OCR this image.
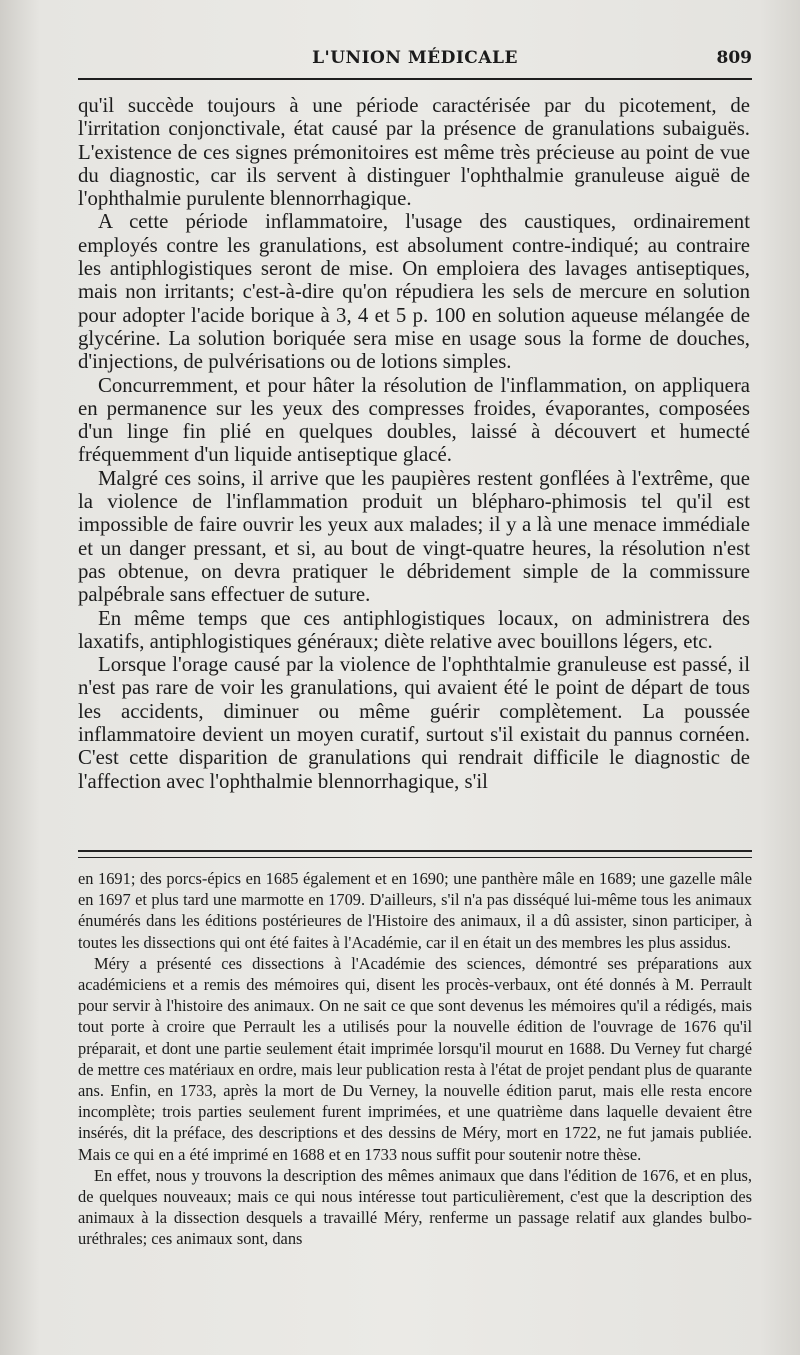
L'UNION MÉDICALE	809

qu'il succède toujours à une période caractérisée par du picotement, de l'irritation conjonctivale, état causé par la présence de granulations subaiguës. L'existence de ces signes prémonitoires est même très précieuse au point de vue du diagnostic, car ils servent à distinguer l'ophthalmie granuleuse aiguë de l'ophthalmie purulente blennorrhagique.

A cette période inflammatoire, l'usage des caustiques, ordinairement employés contre les granulations, est absolument contre-indiqué; au contraire les antiphlogistiques seront de mise. On emploiera des lavages antiseptiques, mais non irritants; c'est-à-dire qu'on répudiera les sels de mercure en solution pour adopter l'acide borique à 3, 4 et 5 p. 100 en solution aqueuse mélangée de glycérine. La solution boriquée sera mise en usage sous la forme de douches, d'injections, de pulvérisations ou de lotions simples.

Concurremment, et pour hâter la résolution de l'inflammation, on appliquera en permanence sur les yeux des compresses froides, évaporantes, composées d'un linge fin plié en quelques doubles, laissé à découvert et humecté fréquemment d'un liquide antiseptique glacé.

Malgré ces soins, il arrive que les paupières restent gonflées à l'extrême, que la violence de l'inflammation produit un blépharo-phimosis tel qu'il est impossible de faire ouvrir les yeux aux malades; il y a là une menace immédiale et un danger pressant, et si, au bout de vingt-quatre heures, la résolution n'est pas obtenue, on devra pratiquer le débridement simple de la commissure palpébrale sans effectuer de suture.

En même temps que ces antiphlogistiques locaux, on administrera des laxatifs, antiphlogistiques généraux; diète relative avec bouillons légers, etc.

Lorsque l'orage causé par la violence de l'ophthtalmie granuleuse est passé, il n'est pas rare de voir les granulations, qui avaient été le point de départ de tous les accidents, diminuer ou même guérir complètement. La poussée inflammatoire devient un moyen curatif, surtout s'il existait du pannus cornéen. C'est cette disparition de granulations qui rendrait difficile le diagnostic de l'affection avec l'ophthalmie blennorrhagique, s'il

en 1691; des porcs-épics en 1685 également et en 1690; une panthère mâle en 1689; une gazelle mâle en 1697 et plus tard une marmotte en 1709. D'ailleurs, s'il n'a pas disséqué lui-même tous les animaux énumérés dans les éditions postérieures de l'Histoire des animaux, il a dû assister, sinon participer, à toutes les dissections qui ont été faites à l'Académie, car il en était un des membres les plus assidus.

Méry a présenté ces dissections à l'Académie des sciences, démontré ses préparations aux académiciens et a remis des mémoires qui, disent les procès-verbaux, ont été donnés à M. Perrault pour servir à l'histoire des animaux. On ne sait ce que sont devenus les mémoires qu'il a rédigés, mais tout porte à croire que Perrault les a utilisés pour la nouvelle édition de l'ouvrage de 1676 qu'il préparait, et dont une partie seulement était imprimée lorsqu'il mourut en 1688. Du Verney fut chargé de mettre ces matériaux en ordre, mais leur publication resta à l'état de projet pendant plus de quarante ans. Enfin, en 1733, après la mort de Du Verney, la nouvelle édition parut, mais elle resta encore incomplète; trois parties seulement furent imprimées, et une quatrième dans laquelle devaient être insérés, dit la préface, des descriptions et des dessins de Méry, mort en 1722, ne fut jamais publiée. Mais ce qui en a été imprimé en 1688 et en 1733 nous suffit pour soutenir notre thèse.

En effet, nous y trouvons la description des mêmes animaux que dans l'édition de 1676, et en plus, de quelques nouveaux; mais ce qui nous intéresse tout particulièrement, c'est que la description des animaux à la dissection desquels a travaillé Méry, renferme un passage relatif aux glandes bulbo-uréthrales; ces animaux sont, dans
